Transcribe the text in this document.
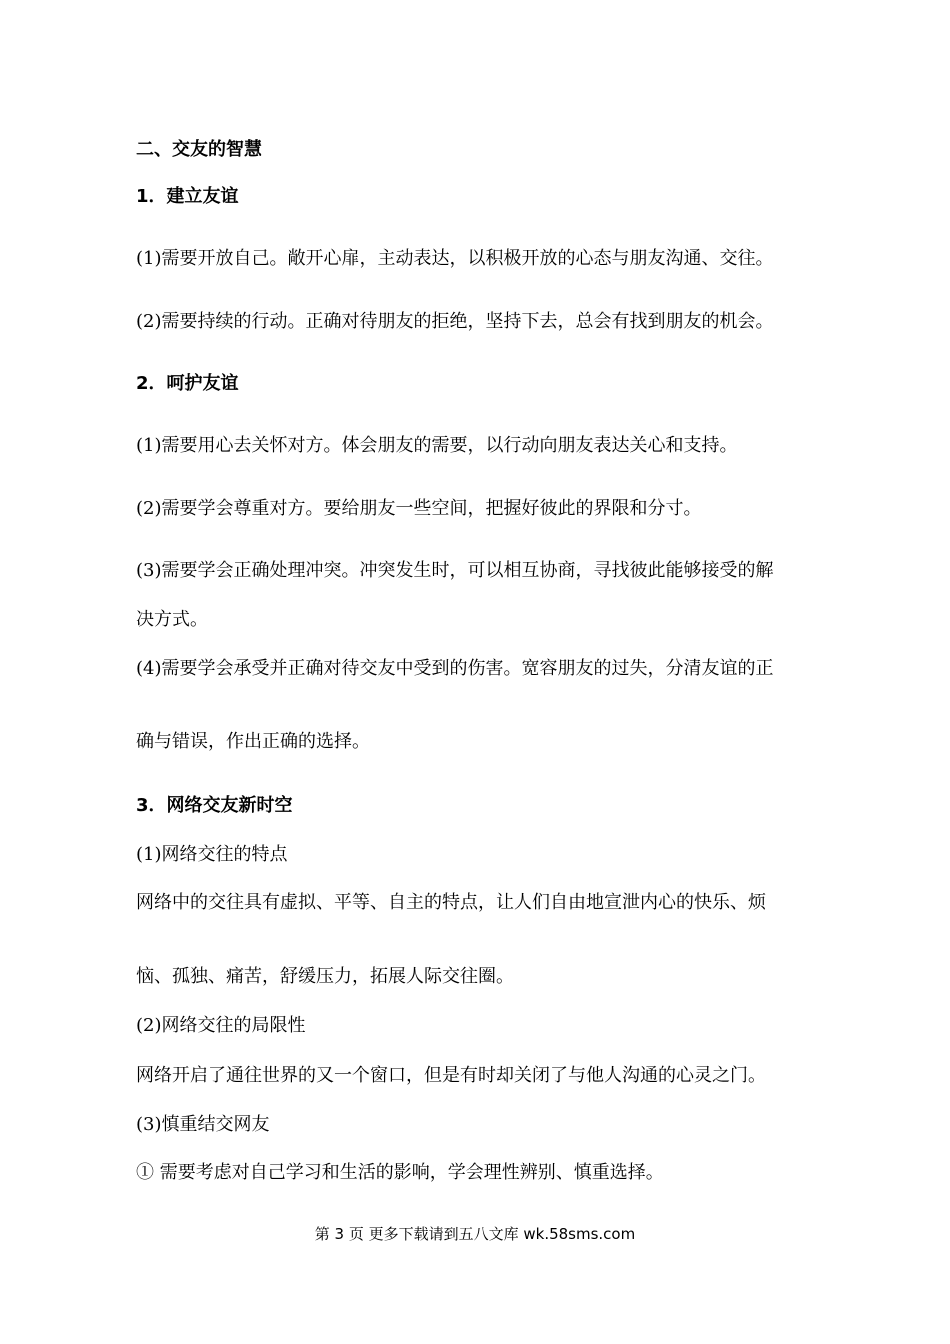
二、交友的智慧
1．建立友谊
(1)需要开放自己。敞开心扉，主动表达，以积极开放的心态与朋友沟通、交往。
(2)需要持续的行动。正确对待朋友的拒绝，坚持下去，总会有找到朋友的机会。
2．呵护友谊
(1)需要用心去关怀对方。体会朋友的需要，以行动向朋友表达关心和支持。
(2)需要学会尊重对方。要给朋友一些空间，把握好彼此的界限和分寸。
(3)需要学会正确处理冲突。冲突发生时，可以相互协商，寻找彼此能够接受的解
决方式。
(4)需要学会承受并正确对待交友中受到的伤害。宽容朋友的过失，分清友谊的正
确与错误，作出正确的选择。
3．网络交友新时空
(1)网络交往的特点
网络中的交往具有虚拟、平等、自主的特点，让人们自由地宣泄内心的快乐、烦
恼、孤独、痛苦，舒缓压力，拓展人际交往圈。
(2)网络交往的局限性
网络开启了通往世界的又一个窗口，但是有时却关闭了与他人沟通的心灵之门。
(3)慎重结交网友
① 需要考虑对自己学习和生活的影响，学会理性辨别、慎重选择。
第 3 页 更多下载请到五八文库 wk.58sms.com
